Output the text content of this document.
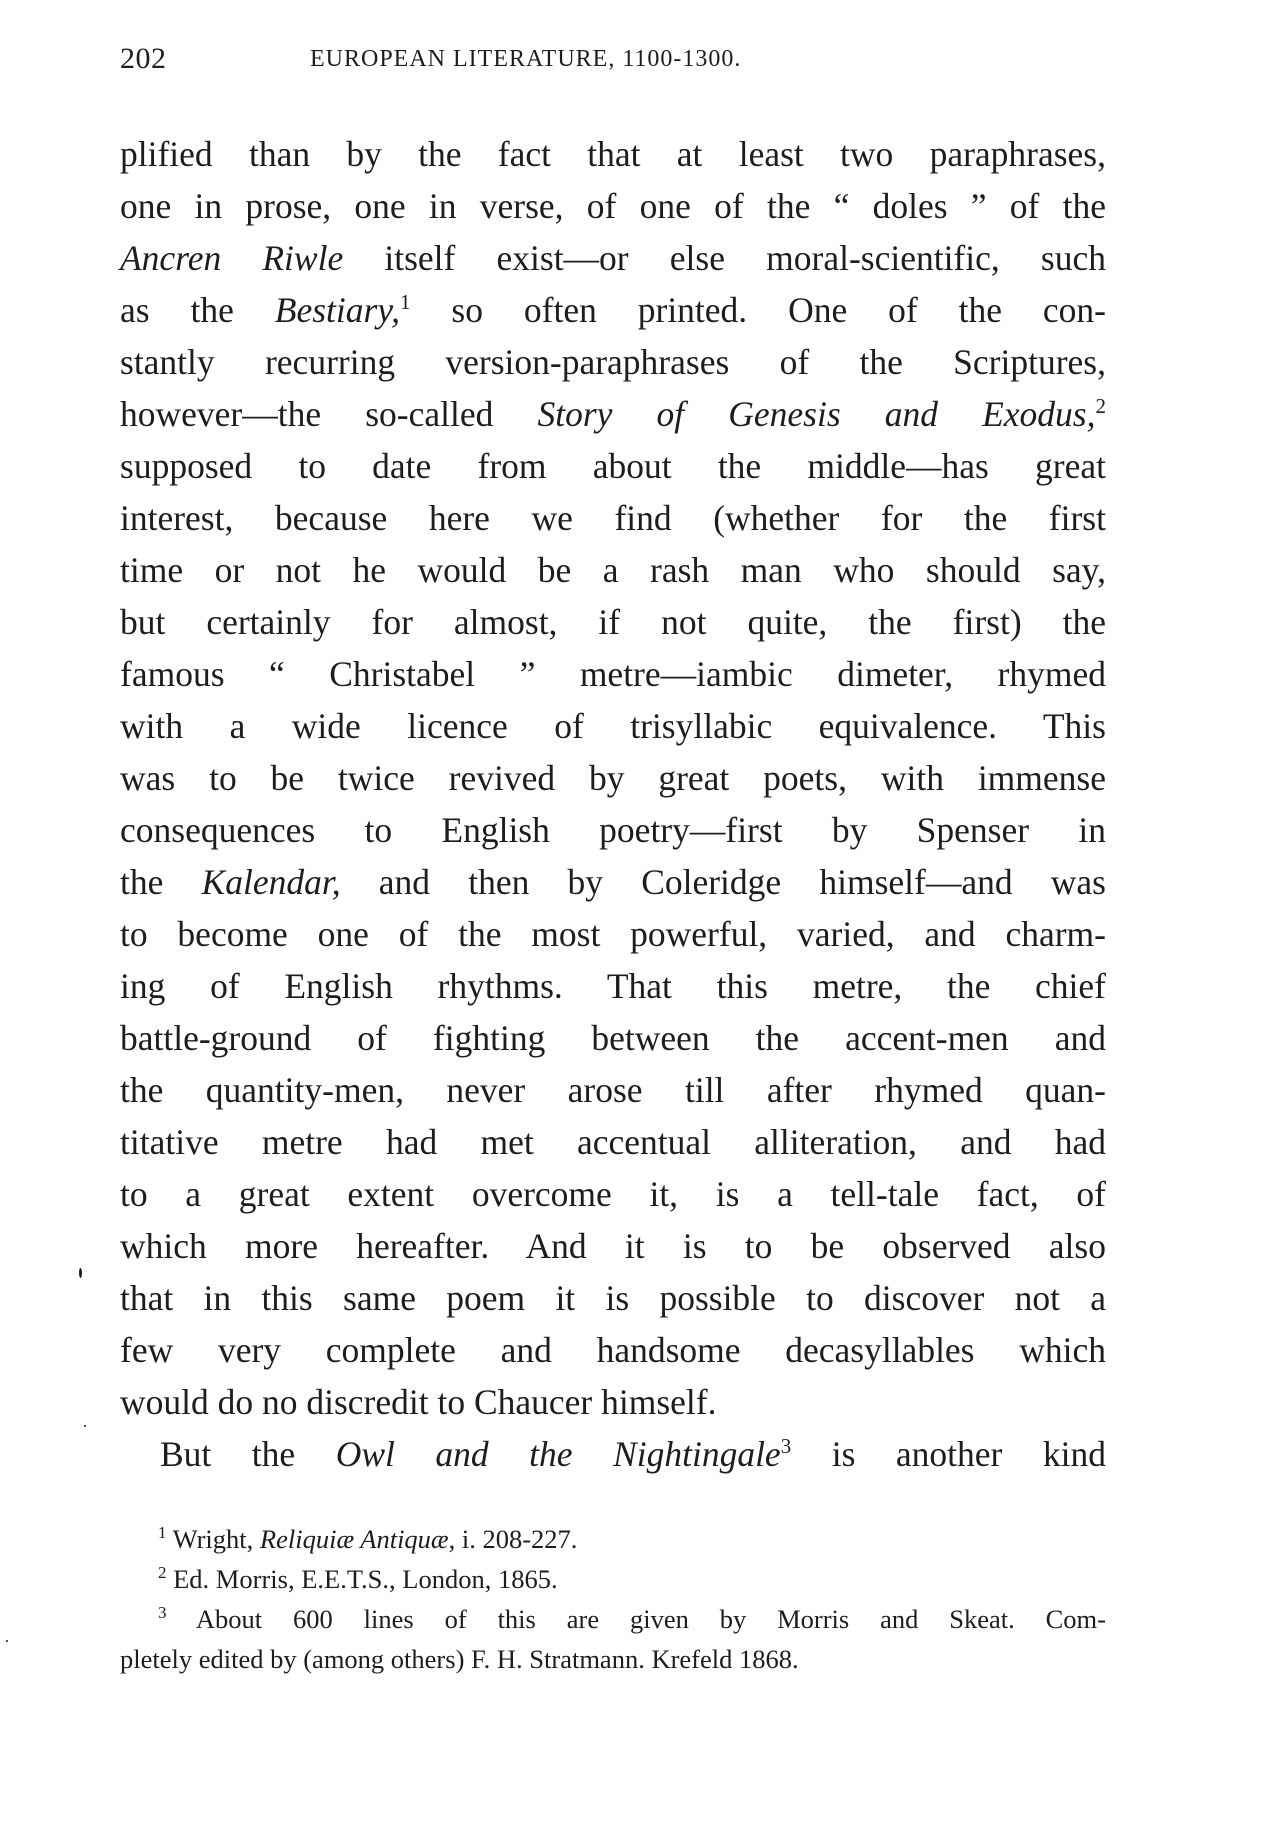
202	EUROPEAN LITERATURE, 1100-1300.
plified than by the fact that at least two paraphrases,
one in prose, one in verse, of one of the “ doles ” of the
Ancren Riwle itself exist—or else moral-scientific, such
as the Bestiary,$^1$ so often printed. One of the con-
stantly recurring version-paraphrases of the Scriptures,
however—the so-called Story of Genesis and Exodus,$^2$
supposed to date from about the middle—has great
interest, because here we find (whether for the first
time or not he would be a rash man who should say,
but certainly for almost, if not quite, the first) the
famous “ Christabel ” metre—iambic dimeter, rhymed
with a wide licence of trisyllabic equivalence. This
was to be twice revived by great poets, with immense
consequences to English poetry—first by Spenser in
the Kalendar, and then by Coleridge himself—and was
to become one of the most powerful, varied, and charm-
ing of English rhythms. That this metre, the chief
battle-ground of fighting between the accent-men and
the quantity-men, never arose till after rhymed quan-
titative metre had met accentual alliteration, and had
to a great extent overcome it, is a tell-tale fact, of
which more hereafter. And it is to be observed also
that in this same poem it is possible to discover not a
few very complete and handsome decasyllables which
would do no discredit to Chaucer himself.
But the Owl and the Nightingale$^3$ is another kind
$^1$ Wright, Reliquiæ Antiquæ, i. 208-227.
$^2$ Ed. Morris, E.E.T.S., London, 1865.
$^3$ About 600 lines of this are given by Morris and Skeat. Com-
pletely edited by (among others) F. H. Stratmann. Krefeld 1868.
